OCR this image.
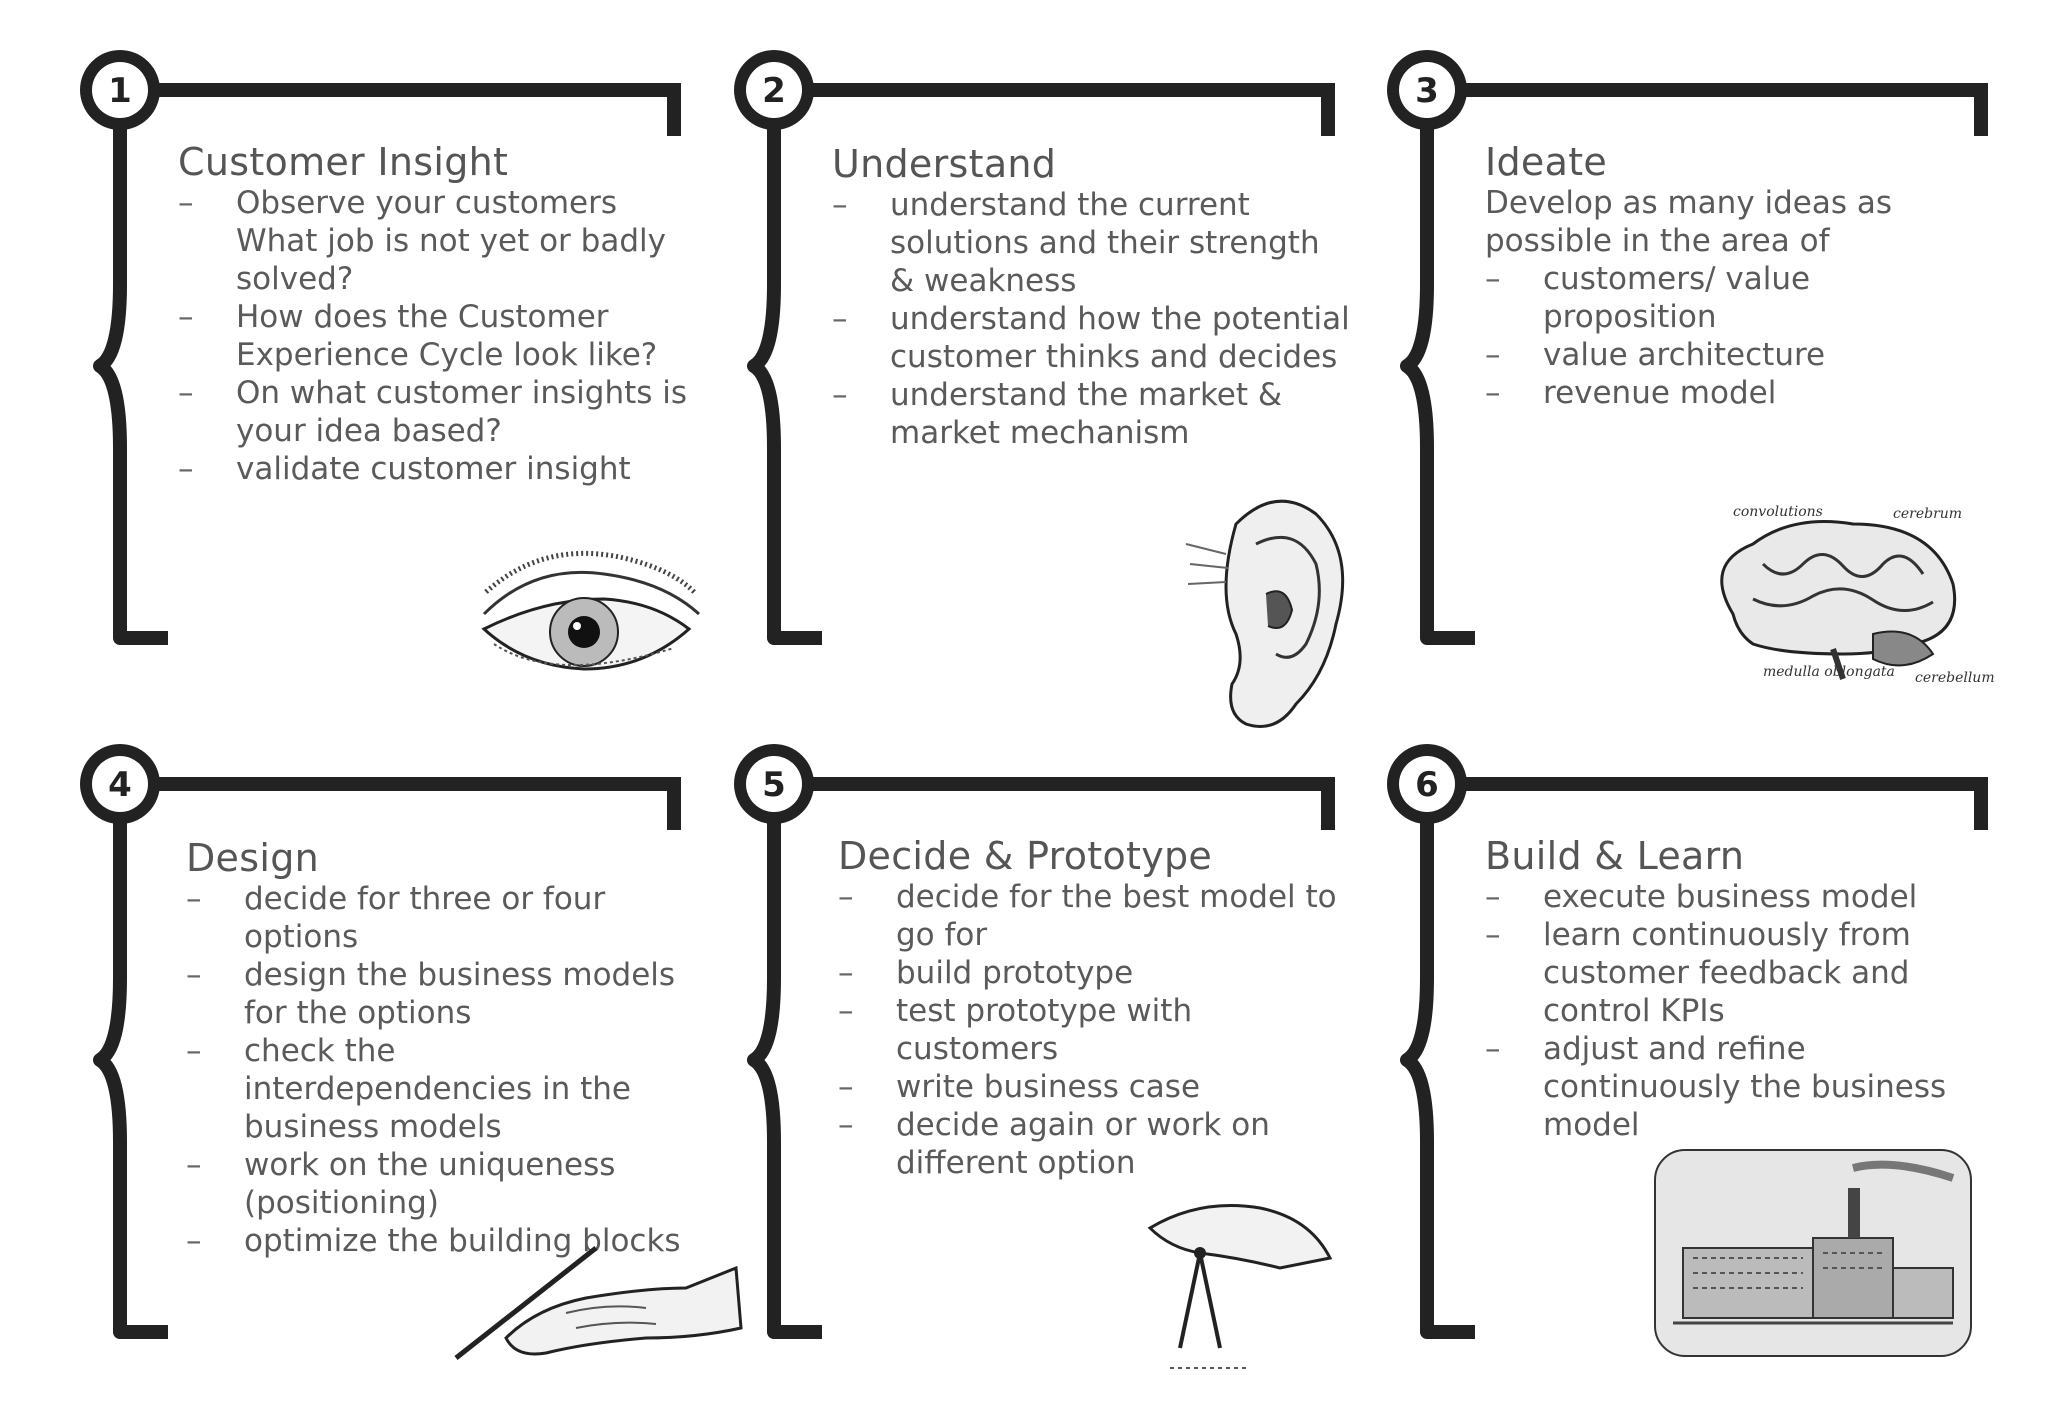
1
Customer Insight
– Observe your customers What job is not yet or badly solved?
– How does the Customer Experience Cycle look like?
– On what customer insights is your idea based?
– validate customer insight
2
Understand
– understand the current solutions and their strength & weakness
– understand how the potential customer thinks and decides
– understand the market & market mechanism
3
Ideate

Develop as many ideas as possible in the area of

– customers/ value proposition
– value architecture
– revenue model
convolutions	cerebrum
medulla oblongata cerebellum
4
Design
– decide for three or four options
– design the business models for the options
– check the interdependencies in the business models
– work on the uniqueness (positioning)
– optimize the building blocks
5
Decide & Prototype
– decide for the best model to go for
– build prototype
– test prototype with customers
– write business case
– decide again or work on different option
6
Build & Learn
– execute business model
– learn continuously from customer feedback and control KPIs
– adjust and refine continuously the business model
